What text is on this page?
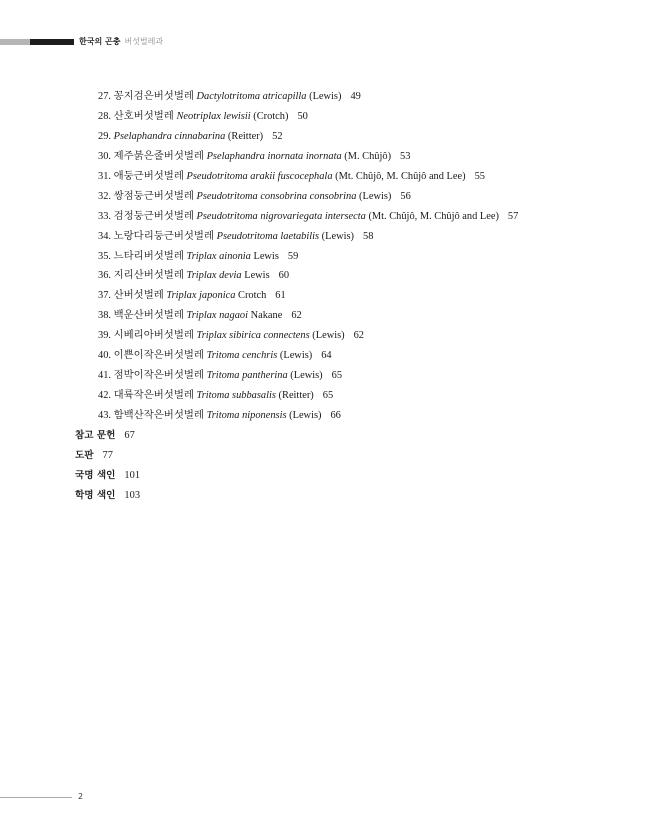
한국의 곤충 버섯벌레과
27. 꽁지검은버섯벌레 Dactylotritoma atricapilla (Lewis) 49
28. 산호버섯벌레 Neotriplax lewisii (Crotch) 50
29. Pselaphandra cinnabarina (Reitter) 52
30. 제주붉은줄버섯벌레 Pselaphandra inornata inornata (M. Chûjô) 53
31. 애둥근버섯벌레 Pseudotritoma arakii fuscocephala (Mt. Chûjô, M. Chûjô and Lee) 55
32. 쌍점둥근버섯벌레 Pseudotritoma consobrina consobrina (Lewis) 56
33. 검정둥근버섯벌레 Pseudotritoma nigrovariegata intersecta (Mt. Chûjô, M. Chûjô and Lee) 57
34. 노랑다리둥근버섯벌레 Pseudotritoma laetabilis (Lewis) 58
35. 느타리버섯벌레 Triplax ainonia Lewis 59
36. 지리산버섯벌레 Triplax devia Lewis 60
37. 산버섯벌레 Triplax japonica Crotch 61
38. 백운산버섯벌레 Triplax nagaoi Nakane 62
39. 시베리아버섯벌레 Triplax sibirica connectens (Lewis) 62
40. 이쁜이작은버섯벌레 Tritoma cenchris (Lewis) 64
41. 점박이작은버섯벌레 Tritoma pantherina (Lewis) 65
42. 대륙작은버섯벌레 Tritoma subbasalis (Reitter) 65
43. 함백산작은버섯벌레 Tritoma niponensis (Lewis) 66
참고 문헌 67
도판 77
국명 색인 101
학명 색인 103
2
